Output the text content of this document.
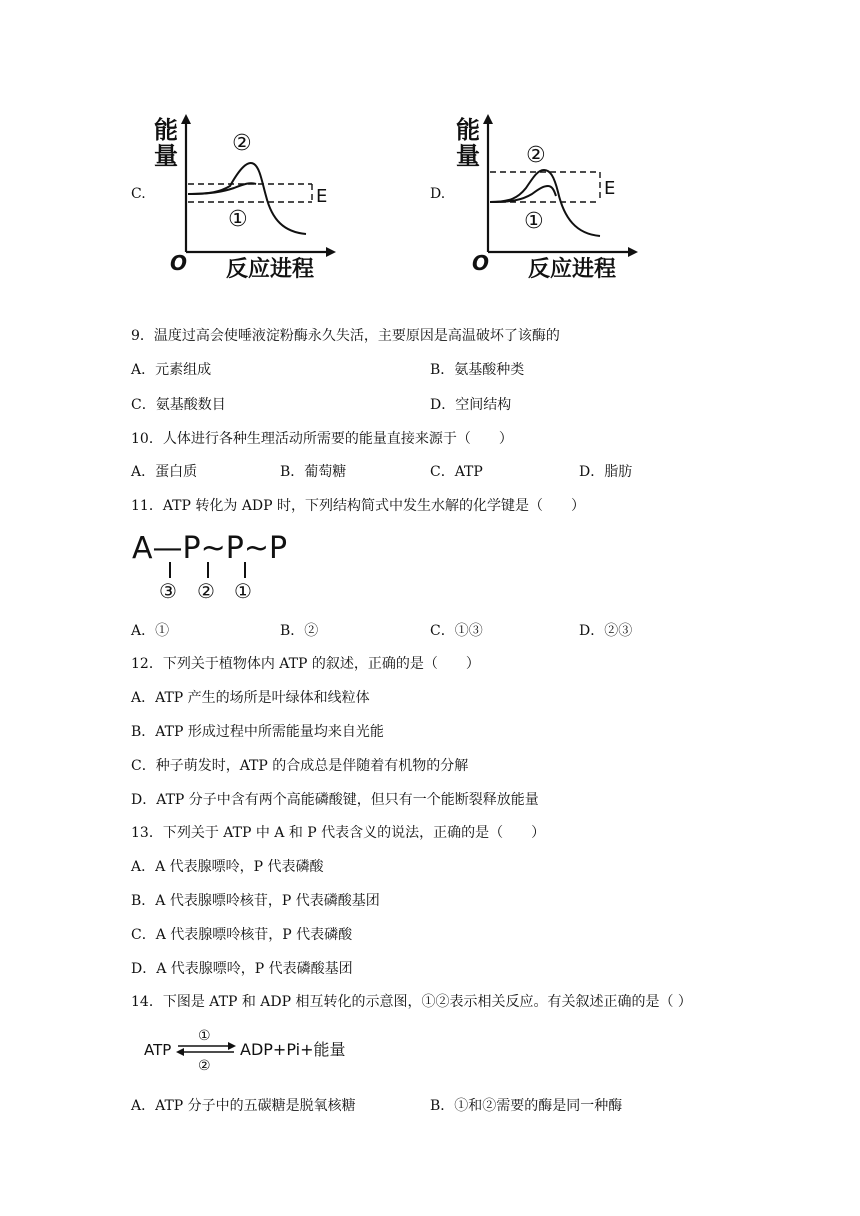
C.
能
量
O 反应进程
E
②
①
D.
能
量
O 反应进程
E
②
①
9．温度过高会使唾液淀粉酶永久失活，主要原因是高温破坏了该酶的
A．元素组成	B．氨基酸种类
C．氨基酸数目	D．空间结构
10．人体进行各种生理活动所需要的能量直接来源于（　　）
A．蛋白质	B．葡萄糖	C．ATP	D．脂肪
11．ATP 转化为 ADP 时，下列结构简式中发生水解的化学键是（　　）
A—P~P~P
③ ② ①
A．①	B．②	C．①③	D．②③
12．下列关于植物体内 ATP 的叙述，正确的是（　　）
A．ATP 产生的场所是叶绿体和线粒体
B．ATP 形成过程中所需能量均来自光能
C．种子萌发时，ATP 的合成总是伴随着有机物的分解
D．ATP 分子中含有两个高能磷酸键，但只有一个能断裂释放能量
13．下列关于 ATP 中 A 和 P 代表含义的说法，正确的是（　　）
A．A 代表腺嘌呤，P 代表磷酸
B．A 代表腺嘌呤核苷，P 代表磷酸基团
C．A 代表腺嘌呤核苷，P 代表磷酸
D．A 代表腺嘌呤，P 代表磷酸基团
14．下图是 ATP 和 ADP 相互转化的示意图，①②表示相关反应。有关叙述正确的是（ ）
ATP
①
②
ADP+Pi+能量
A．ATP 分子中的五碳糖是脱氧核糖	B．①和②需要的酶是同一种酶
